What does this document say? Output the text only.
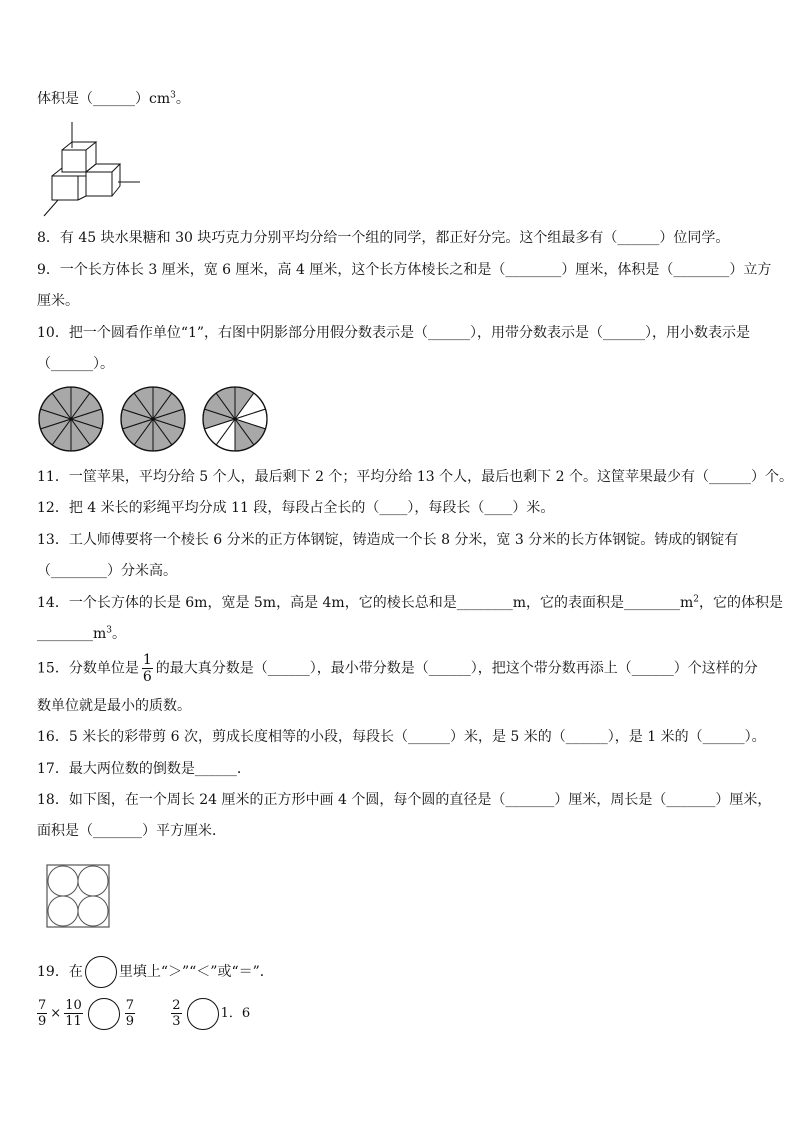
体积是$(\_\_\_\_\_\_)cm^3$。
8．有 45 块水果糖和 30 块巧克力分别平均分给一个组的同学，都正好分完。这个组最多有（______）位同学。
9．一个长方体长 3 厘米，宽 6 厘米，高 4 厘米，这个长方体棱长之和是（________）厘米，体积是（________）立方
厘米。
10．把一个圆看作单位“1”，右图中阴影部分用假分数表示是（______），用带分数表示是（______），用小数表示是
（______）。
11．一筐苹果，平均分给 5 个人，最后剩下 2 个；平均分给 13 个人，最后也剩下 2 个。这筐苹果最少有（______）个。
12．把 4 米长的彩绳平均分成 11 段，每段占全长的（____），每段长（____）米。
13．工人师傅要将一个棱长 6 分米的正方体钢锭，铸造成一个长 8 分米，宽 3 分米的长方体钢锭。铸成的钢锭有
（________）分米高。
14．一个长方体的长是 6m，宽是 5m，高是 4m，它的棱长总和是________m，它的表面积是$\_\_\_\_\_\_\_\_m^2$，它的体积是
$\_\_\_\_\_\_\_\_m^3$。
15．分数单位是 $\frac{1}{6}$ 的最大真分数是（______），最小带分数是（______），把这个带分数再添上（______）个这样的分
数单位就是最小的质数。
16．5 米长的彩带剪 6 次，剪成长度相等的小段，每段长（______）米，是 5 米的（______），是 1 米的（______）。
17．最大两位数的倒数是______．
18．如下图，在一个周长 24 厘米的正方形中画 4 个圆，每个圆的直径是（_______）厘米，周长是（_______）厘米，
面积是（_______）平方厘米．
19．在	里填上“＞”“＜”或“＝”．
$\frac{7}{9} \times \frac{10}{11}$	$\frac{7}{9}$
	$\frac{2}{3}$	1．6
